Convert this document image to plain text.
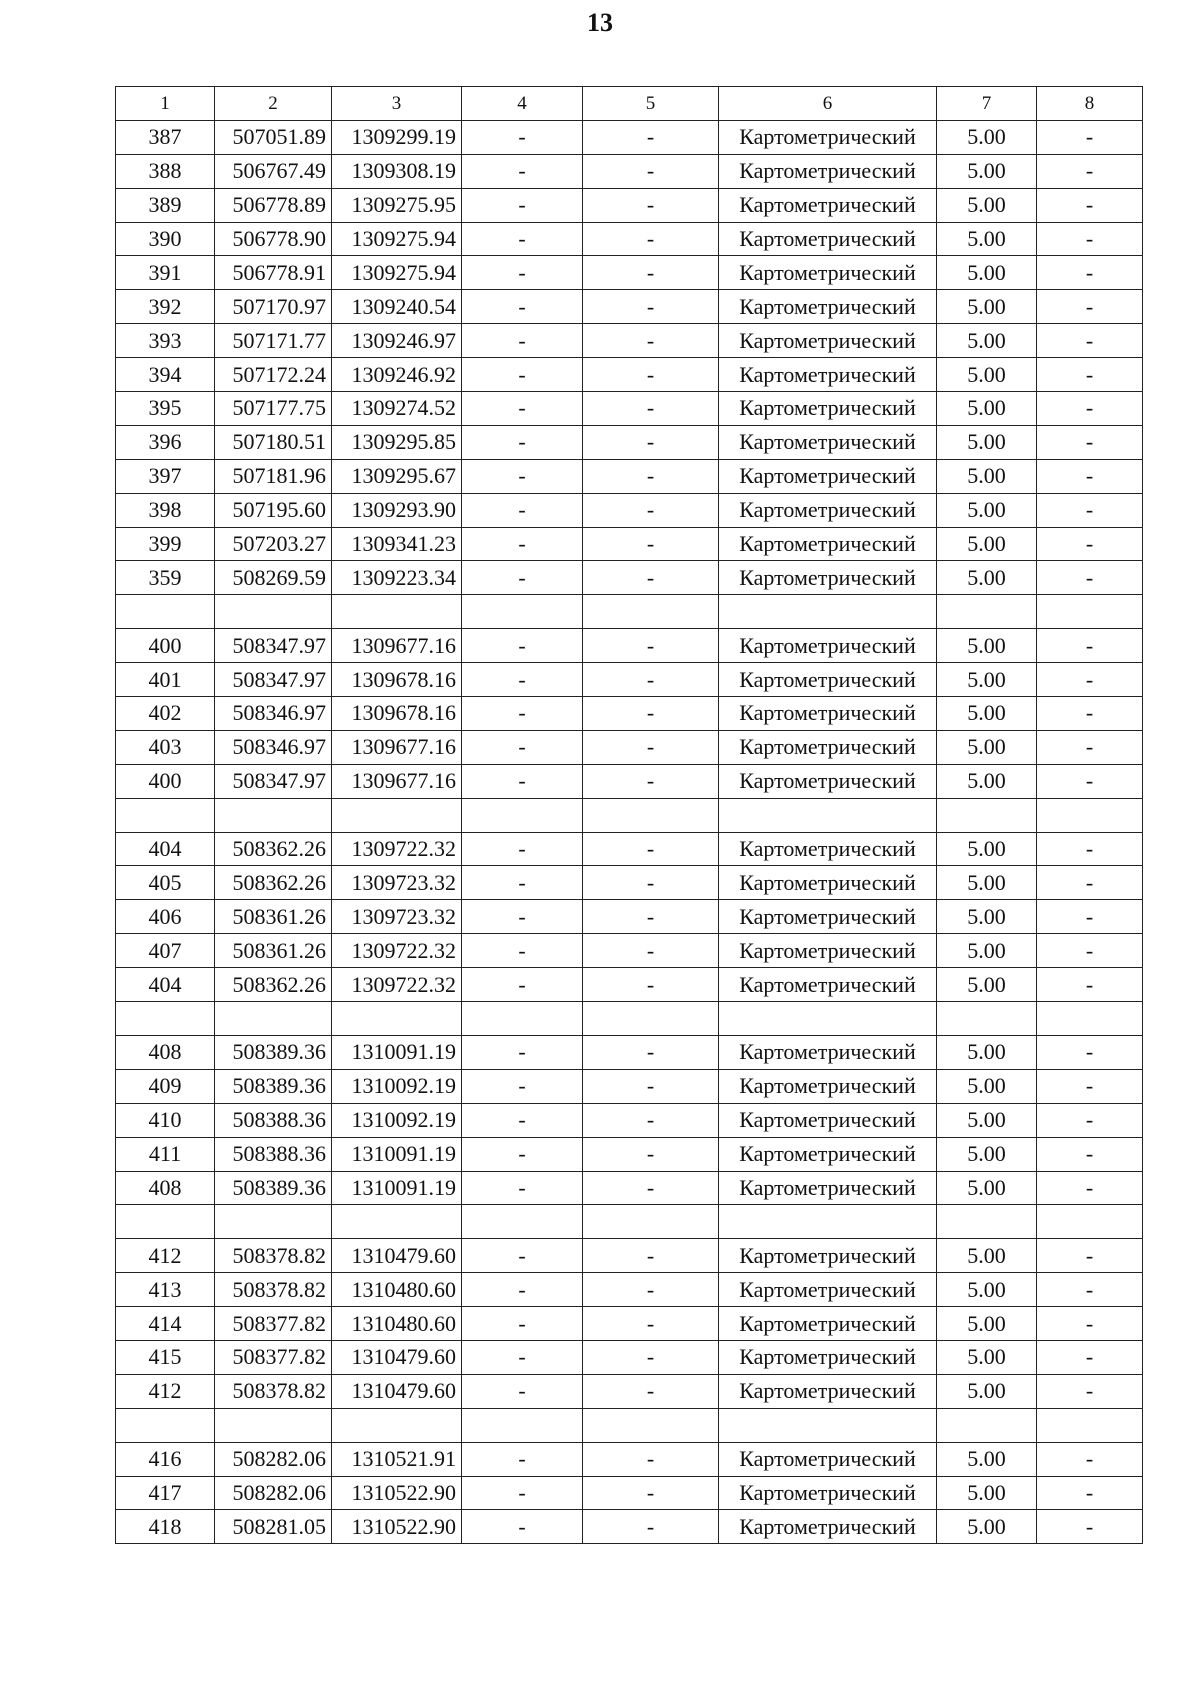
13
1	2	3	4	5	6	7	8
387	507051.89	1309299.19	-	-	Картометрический	5.00	-
388	506767.49	1309308.19	-	-	Картометрический	5.00	-
389	506778.89	1309275.95	-	-	Картометрический	5.00	-
390	506778.90	1309275.94	-	-	Картометрический	5.00	-
391	506778.91	1309275.94	-	-	Картометрический	5.00	-
392	507170.97	1309240.54	-	-	Картометрический	5.00	-
393	507171.77	1309246.97	-	-	Картометрический	5.00	-
394	507172.24	1309246.92	-	-	Картометрический	5.00	-
395	507177.75	1309274.52	-	-	Картометрический	5.00	-
396	507180.51	1309295.85	-	-	Картометрический	5.00	-
397	507181.96	1309295.67	-	-	Картометрический	5.00	-
398	507195.60	1309293.90	-	-	Картометрический	5.00	-
399	507203.27	1309341.23	-	-	Картометрический	5.00	-
359	508269.59	1309223.34	-	-	Картометрический	5.00	-

400	508347.97	1309677.16	-	-	Картометрический	5.00	-
401	508347.97	1309678.16	-	-	Картометрический	5.00	-
402	508346.97	1309678.16	-	-	Картометрический	5.00	-
403	508346.97	1309677.16	-	-	Картометрический	5.00	-
400	508347.97	1309677.16	-	-	Картометрический	5.00	-

404	508362.26	1309722.32	-	-	Картометрический	5.00	-
405	508362.26	1309723.32	-	-	Картометрический	5.00	-
406	508361.26	1309723.32	-	-	Картометрический	5.00	-
407	508361.26	1309722.32	-	-	Картометрический	5.00	-
404	508362.26	1309722.32	-	-	Картометрический	5.00	-

408	508389.36	1310091.19	-	-	Картометрический	5.00	-
409	508389.36	1310092.19	-	-	Картометрический	5.00	-
410	508388.36	1310092.19	-	-	Картометрический	5.00	-
411	508388.36	1310091.19	-	-	Картометрический	5.00	-
408	508389.36	1310091.19	-	-	Картометрический	5.00	-

412	508378.82	1310479.60	-	-	Картометрический	5.00	-
413	508378.82	1310480.60	-	-	Картометрический	5.00	-
414	508377.82	1310480.60	-	-	Картометрический	5.00	-
415	508377.82	1310479.60	-	-	Картометрический	5.00	-
412	508378.82	1310479.60	-	-	Картометрический	5.00	-

416	508282.06	1310521.91	-	-	Картометрический	5.00	-
417	508282.06	1310522.90	-	-	Картометрический	5.00	-
418	508281.05	1310522.90	-	-	Картометрический	5.00	-
